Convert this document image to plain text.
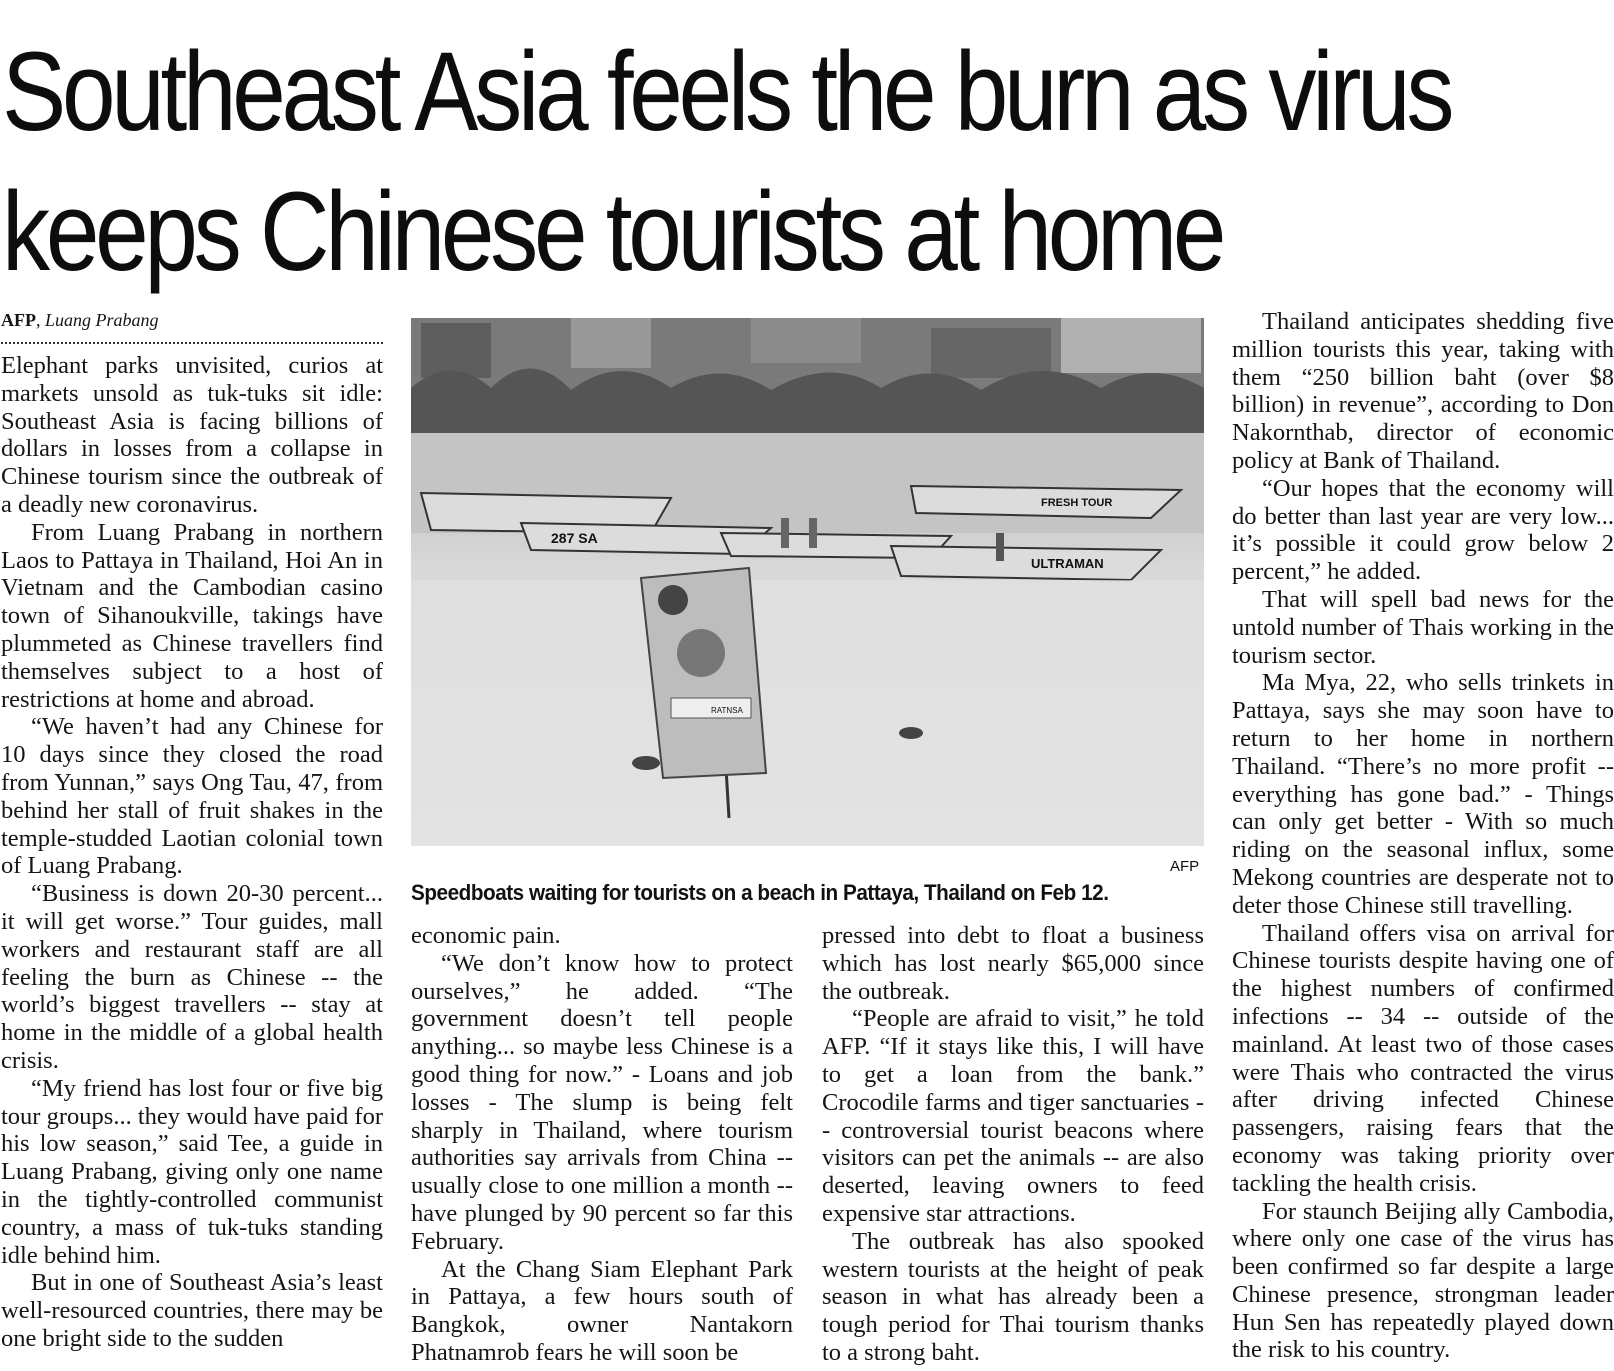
Southeast Asia feels the burn as virus
keeps Chinese tourists at home
AFP, Luang Prabang

Elephant parks unvisited, curios at markets unsold as tuk-tuks sit idle: Southeast Asia is facing billions of dollars in losses from a collapse in Chinese tourism since the outbreak of a deadly new coronavirus.

From Luang Prabang in northern Laos to Pattaya in Thailand, Hoi An in Vietnam and the Cambodian casino town of Sihanoukville, takings have plummeted as Chinese travellers find themselves subject to a host of restrictions at home and abroad.

“We haven’t had any Chinese for 10 days since they closed the road from Yunnan,” says Ong Tau, 47, from behind her stall of fruit shakes in the temple-studded Laotian colonial town of Luang Prabang.

“Business is down 20-30 percent... it will get worse.” Tour guides, mall workers and restaurant staff are all feeling the burn as Chinese -- the world’s biggest travellers -- stay at home in the middle of a global health crisis.

“My friend has lost four or five big tour groups... they would have paid for his low season,” said Tee, a guide in Luang Prabang, giving only one name in the tightly-controlled communist country, a mass of tuk-tuks standing idle behind him.

But in one of Southeast Asia’s least well-resourced countries, there may be one bright side to the sudden

287 SA
ULTRAMAN
FRESH TOUR
RATNSA
AFP
Speedboats waiting for tourists on a beach in Pattaya, Thailand on Feb 12.

economic pain.

“We don’t know how to protect ourselves,” he added. “The government doesn’t tell people anything... so maybe less Chinese is a good thing for now.” - Loans and job losses - The slump is being felt sharply in Thailand, where tourism authorities say arrivals from China -- usually close to one million a month -- have plunged by 90 percent so far this February.

At the Chang Siam Elephant Park in Pattaya, a few hours south of Bangkok, owner Nantakorn Phatnamrob fears he will soon be

pressed into debt to float a business which has lost nearly $65,000 since the outbreak.

“People are afraid to visit,” he told AFP. “If it stays like this, I will have to get a loan from the bank.” Crocodile farms and tiger sanctuaries -- controversial tourist beacons where visitors can pet the animals -- are also deserted, leaving owners to feed expensive star attractions.

The outbreak has also spooked western tourists at the height of peak season in what has already been a tough period for Thai tourism thanks to a strong baht.

Thailand anticipates shedding five million tourists this year, taking with them “250 billion baht (over $8 billion) in revenue”, according to Don Nakornthab, director of economic policy at Bank of Thailand.

“Our hopes that the economy will do better than last year are very low... it’s possible it could grow below 2 percent,” he added.

That will spell bad news for the untold number of Thais working in the tourism sector.

Ma Mya, 22, who sells trinkets in Pattaya, says she may soon have to return to her home in northern Thailand. “There’s no more profit -- everything has gone bad.” - Things can only get better - With so much riding on the seasonal influx, some Mekong countries are desperate not to deter those Chinese still travelling.

Thailand offers visa on arrival for Chinese tourists despite having one of the highest numbers of confirmed infections -- 34 -- outside of the mainland. At least two of those cases were Thais who contracted the virus after driving infected Chinese passengers, raising fears that the economy was taking priority over tackling the health crisis.

For staunch Beijing ally Cambodia, where only one case of the virus has been confirmed so far despite a large Chinese presence, strongman leader Hun Sen has repeatedly played down the risk to his country.
